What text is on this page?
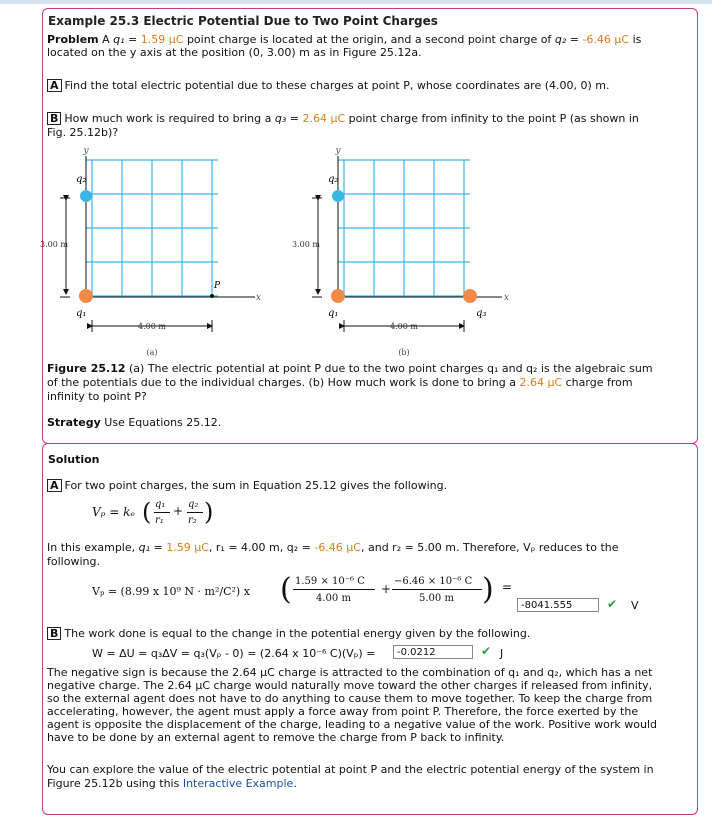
Example 25.3 Electric Potential Due to Two Point Charges
Problem A q₁ = 1.59 μC point charge is located at the origin, and a second point charge of q₂ = -6.46 μC is
located on the y axis at the position (0, 3.00) m as in Figure 25.12a.
A Find the total electric potential due to these charges at point P, whose coordinates are (4.00, 0) m.
B How much work is required to bring a q₃ = 2.64 μC point charge from infinity to the point P (as shown in
Fig. 25.12b)?
y
x
q₂
q₁
P
3.00 m
4.00 m
(a)
y
x
q₂
q₁	q₃
3.00 m
4.00 m
(b)
Figure 25.12 (a) The electric potential at point P due to the two point charges q₁ and q₂ is the algebraic sum
of the potentials due to the individual charges. (b) How much work is done to bring a 2.64 μC charge from
infinity to point P?
Strategy Use Equations 25.12.
Solution
A For two point charges, the sum in Equation 25.12 gives the following.
Vₚ = kₑ ( q₁
r₁
+ q₂
r₂ )
In this example, q₁ = 1.59 μC, r₁ = 4.00 m, q₂ = -6.46 μC, and r₂ = 5.00 m. Therefore, Vₚ reduces to the
following.
Vₚ = (8.99 x 10⁹ N · m²/C²) x ( 1.59 × 10⁻⁶ C
4.00 m
+
−6.46 × 10⁻⁶ C
5.00 m ) =
-8041.555	✔ V
B The work done is equal to the change in the potential energy given by the following.
W = ΔU = q₃ΔV = q₃(Vₚ - 0) = (2.64 x 10⁻⁶ C)(Vₚ) =	-0.0212	✔ J
The negative sign is because the 2.64 μC charge is attracted to the combination of q₁ and q₂, which has a net
negative charge. The 2.64 μC charge would naturally move toward the other charges if released from infinity,
so the external agent does not have to do anything to cause them to move together. To keep the charge from
accelerating, however, the agent must apply a force away from point P. Therefore, the force exerted by the
agent is opposite the displacement of the charge, leading to a negative value of the work. Positive work would
have to be done by an external agent to remove the charge from P back to infinity.
You can explore the value of the electric potential at point P and the electric potential energy of the system in
Figure 25.12b using this Interactive Example.
